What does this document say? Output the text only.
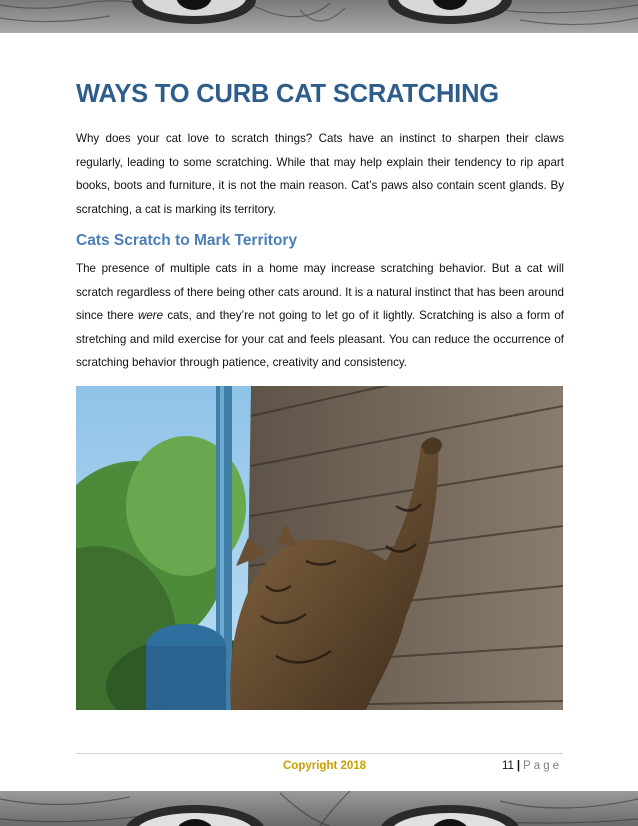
WAYS TO CURB CAT SCRATCHING

Why does your cat love to scratch things? Cats have an instinct to sharpen their claws regularly, leading to some scratching. While that may help explain their tendency to rip apart books, boots and furniture, it is not the main reason. Cat’s paws also contain scent glands. By scratching, a cat is marking its territory.

Cats Scratch to Mark Territory

The presence of multiple cats in a home may increase scratching behavior. But a cat will scratch regardless of there being other cats around. It is a natural instinct that has been around since there were cats, and they’re not going to let go of it lightly. Scratching is also a form of stretching and mild exercise for your cat and feels pleasant. You can reduce the occurrence of scratching behavior through patience, creativity and consistency.

Copyright 2018	11 | Page
